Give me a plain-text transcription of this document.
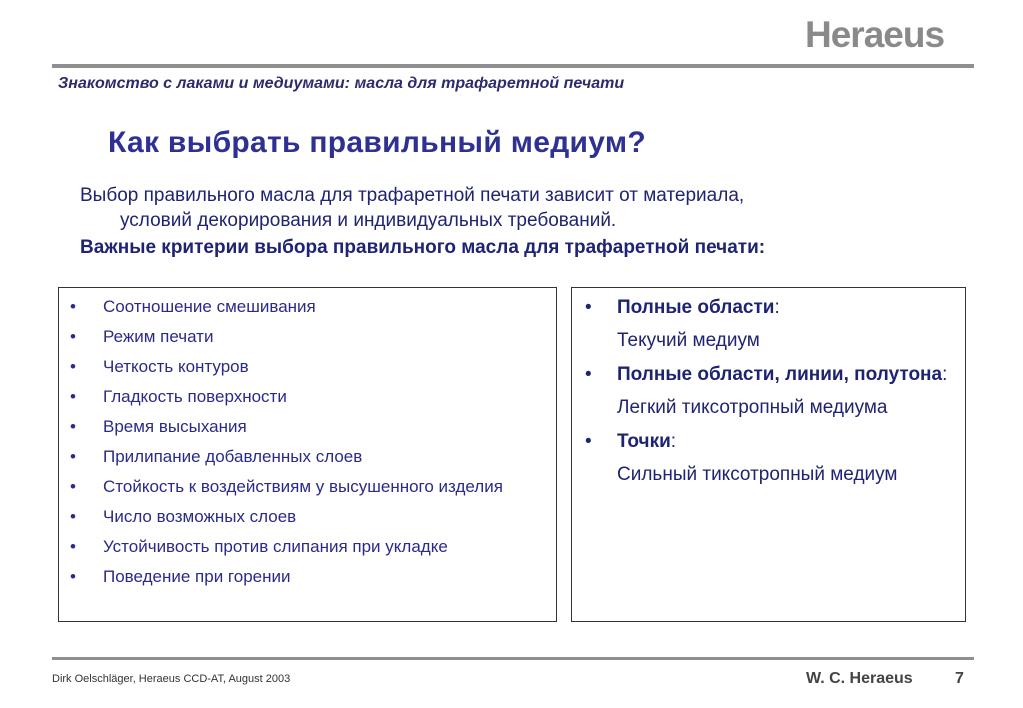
Heraeus
Знакомство с лаками и медиумами: масла для трафаретной печати
Как выбрать правильный медиум?
Выбор правильного масла для трафаретной печати зависит от материала,
условий декорирования и индивидуальных требований.
Важные критерии выбора правильного масла для трафаретной печати:
• Соотношение смешивания
• Режим печати
• Четкость контуров
• Гладкость поверхности
• Время высыхания
• Прилипание добавленных слоев
• Стойкость к воздействиям у высушенного изделия
• Число возможных слоев
• Устойчивость против слипания при укладке
• Поведение при горении
• Полные области:
Текучий медиум
• Полные области, линии, полутона:
Легкий тиксотропный медиума
• Точки:
Сильный тиксотропный медиум
Dirk Oelschläger, Heraeus CCD-AT, August 2003	W. C. Heraeus	7
